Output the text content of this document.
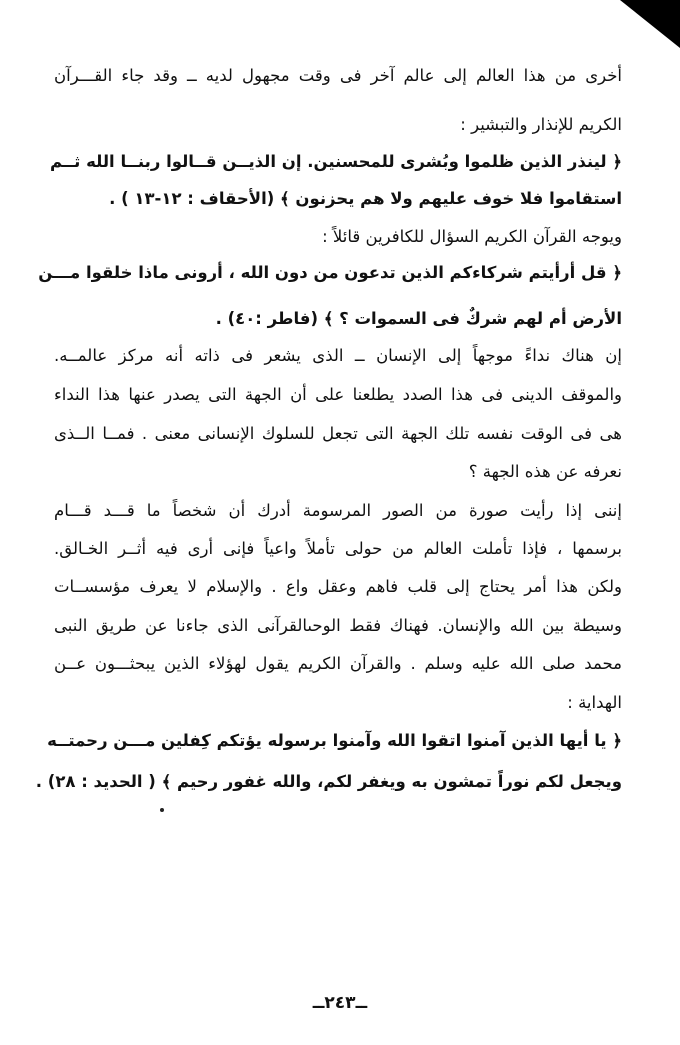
أخرى من هذا العالم إلى عالم آخر فى وقت مجهول لديه ــ وقد جاء القـــرآن

الكريم للإنذار والتبشير :

﴿ لينذر الذين ظلموا وبُشرى للمحسنين. إن الذيــن قــالوا ربنــا الله ثــم

استقاموا فلا خوف عليهم ولا هم يحزنون ﴾ (الأحقاف : ١٢-١٣ ) .

ويوجه القرآن الكريم السؤال للكافرين قائلاً :

﴿ قل أرأيتم شركاءكم الذين تدعون من دون الله ، أرونى ماذا خلقوا مـــن

الأرض أم لهم شركٌ فى السموات ؟ ﴾ (فاطر :٤٠) .

إن هناك نداءً موجهاً إلى الإنسان ــ الذى يشعر فى ذاته أنه مركز عالمــه.

والموقف الدينى فى هذا الصدد يطلعنا على أن الجهة التى يصدر عنها هذا النداء

هى فى الوقت نفسه تلك الجهة التى تجعل للسلوك الإنسانى معنى . فمــا الــذى

نعرفه عن هذه الجهة ؟

إننى إذا رأيت صورة من الصور المرسومة أدرك أن شخصاً ما قـــد قـــام

برسمها ، فإذا تأملت العالم من حولى تأملاً واعياً فإنى أرى فيه أثــر الخـالق.

ولكن هذا أمر يحتاج إلى قلب فاهم وعقل واع . والإسلام لا يعرف مؤسســات

وسيطة بين الله والإنسان. فهناك فقط الوحىالقرآنى الذى جاءنا عن طريق النبى

محمد صلى الله عليه وسلم . والقرآن الكريم يقول لهؤلاء الذين يبحثـــون عــن

الهداية :

﴿ يا أيها الذين آمنوا اتقوا الله وآمنوا برسوله يؤتكم كِفلين مـــن رحمتــه

ويجعل لكم نوراً تمشون به ويغفر لكم، والله غفور رحيم ﴾ ( الحديد : ٢٨) .

ــ٢٤٣ــ
